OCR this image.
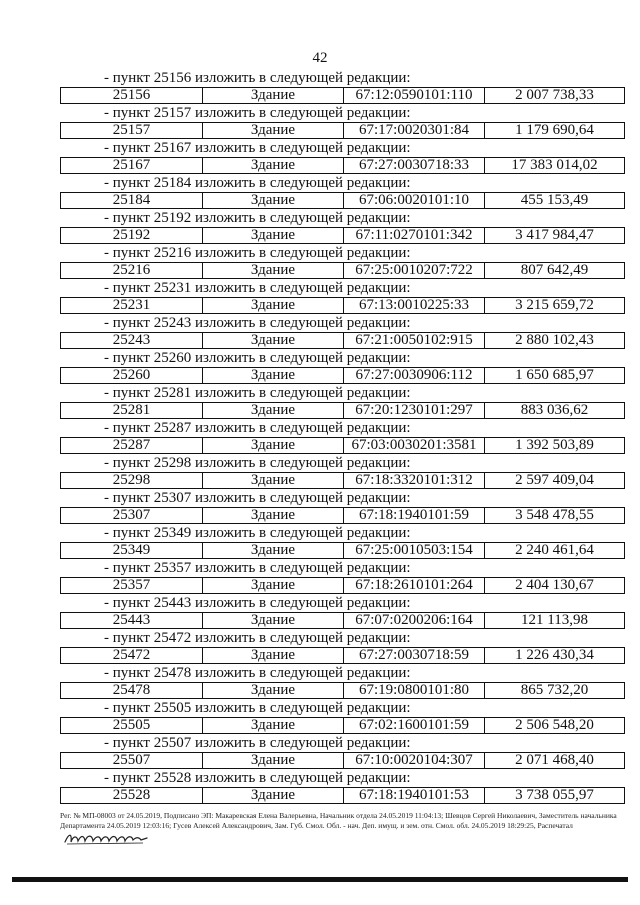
42
- пункт 25156 изложить в следующей редакции:
25156	Здание	67:12:0590101:110	2 007 738,33
- пункт 25157 изложить в следующей редакции:
25157	Здание	67:17:0020301:84	1 179 690,64
- пункт 25167 изложить в следующей редакции:
25167	Здание	67:27:0030718:33	17 383 014,02
- пункт 25184 изложить в следующей редакции:
25184	Здание	67:06:0020101:10	455 153,49
- пункт 25192 изложить в следующей редакции:
25192	Здание	67:11:0270101:342	3 417 984,47
- пункт 25216 изложить в следующей редакции:
25216	Здание	67:25:0010207:722	807 642,49
- пункт 25231 изложить в следующей редакции:
25231	Здание	67:13:0010225:33	3 215 659,72
- пункт 25243 изложить в следующей редакции:
25243	Здание	67:21:0050102:915	2 880 102,43
- пункт 25260 изложить в следующей редакции:
25260	Здание	67:27:0030906:112	1 650 685,97
- пункт 25281 изложить в следующей редакции:
25281	Здание	67:20:1230101:297	883 036,62
- пункт 25287 изложить в следующей редакции:
25287	Здание	67:03:0030201:3581	1 392 503,89
- пункт 25298 изложить в следующей редакции:
25298	Здание	67:18:3320101:312	2 597 409,04
- пункт 25307 изложить в следующей редакции:
25307	Здание	67:18:1940101:59	3 548 478,55
- пункт 25349 изложить в следующей редакции:
25349	Здание	67:25:0010503:154	2 240 461,64
- пункт 25357 изложить в следующей редакции:
25357	Здание	67:18:2610101:264	2 404 130,67
- пункт 25443 изложить в следующей редакции:
25443	Здание	67:07:0200206:164	121 113,98
- пункт 25472 изложить в следующей редакции:
25472	Здание	67:27:0030718:59	1 226 430,34
- пункт 25478 изложить в следующей редакции:
25478	Здание	67:19:0800101:80	865 732,20
- пункт 25505 изложить в следующей редакции:
25505	Здание	67:02:1600101:59	2 506 548,20
- пункт 25507 изложить в следующей редакции:
25507	Здание	67:10:0020104:307	2 071 468,40
- пункт 25528 изложить в следующей редакции:
25528	Здание	67:18:1940101:53	3 738 055,97
Рег. № МП-08003 от 24.05.2019, Подписано ЭП: Макаревская Елена Валерьевна, Начальник отдела 24.05.2019 11:04:13; Шевцов Сергей Николаевич, Заместитель начальника Департамента 24.05.2019 12:03:16; Гусев Алексей Александрович, Зам. Губ. Смол. Обл. - нач. Деп. имущ. и зем. отн. Смол. обл. 24.05.2019 18:29:25, Распечатал
